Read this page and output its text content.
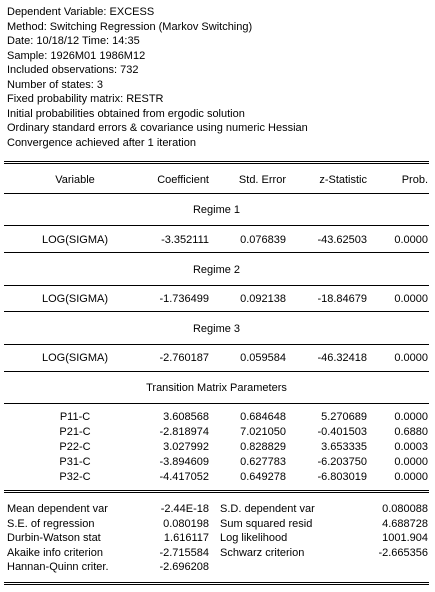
Dependent Variable: EXCESS
Method: Switching Regression (Markov Switching)
Date: 10/18/12 Time: 14:35
Sample: 1926M01 1986M12
Included observations: 732
Number of states: 3
Fixed probability matrix: RESTR
Initial probabilities obtained from ergodic solution
Ordinary standard errors & covariance using numeric Hessian
Convergence achieved after 1 iteration
Variable	Coefficient	Std. Error	z-Statistic	Prob.
Regime 1
LOG(SIGMA)	-3.352111	0.076839	-43.62503	0.0000
Regime 2
LOG(SIGMA)	-1.736499	0.092138	-18.84679	0.0000
Regime 3
LOG(SIGMA)	-2.760187	0.059584	-46.32418	0.0000
Transition Matrix Parameters
P11-C	3.608568	0.684648	5.270689	0.0000
P21-C	-2.818974	7.021050	-0.401503	0.6880
P22-C	3.027992	0.828829	3.653335	0.0003
P31-C	-3.894609	0.627783	-6.203750	0.0000
P32-C	-4.417052	0.649278	-6.803019	0.0000
Mean dependent var	-2.44E-18 S.D. dependent var	0.080088
S.E. of regression	0.080198 Sum squared resid	4.688728
Durbin-Watson stat	1.616117 Log likelihood	1001.904
Akaike info criterion	-2.715584 Schwarz criterion	-2.665356
Hannan-Quinn criter.	-2.696208
